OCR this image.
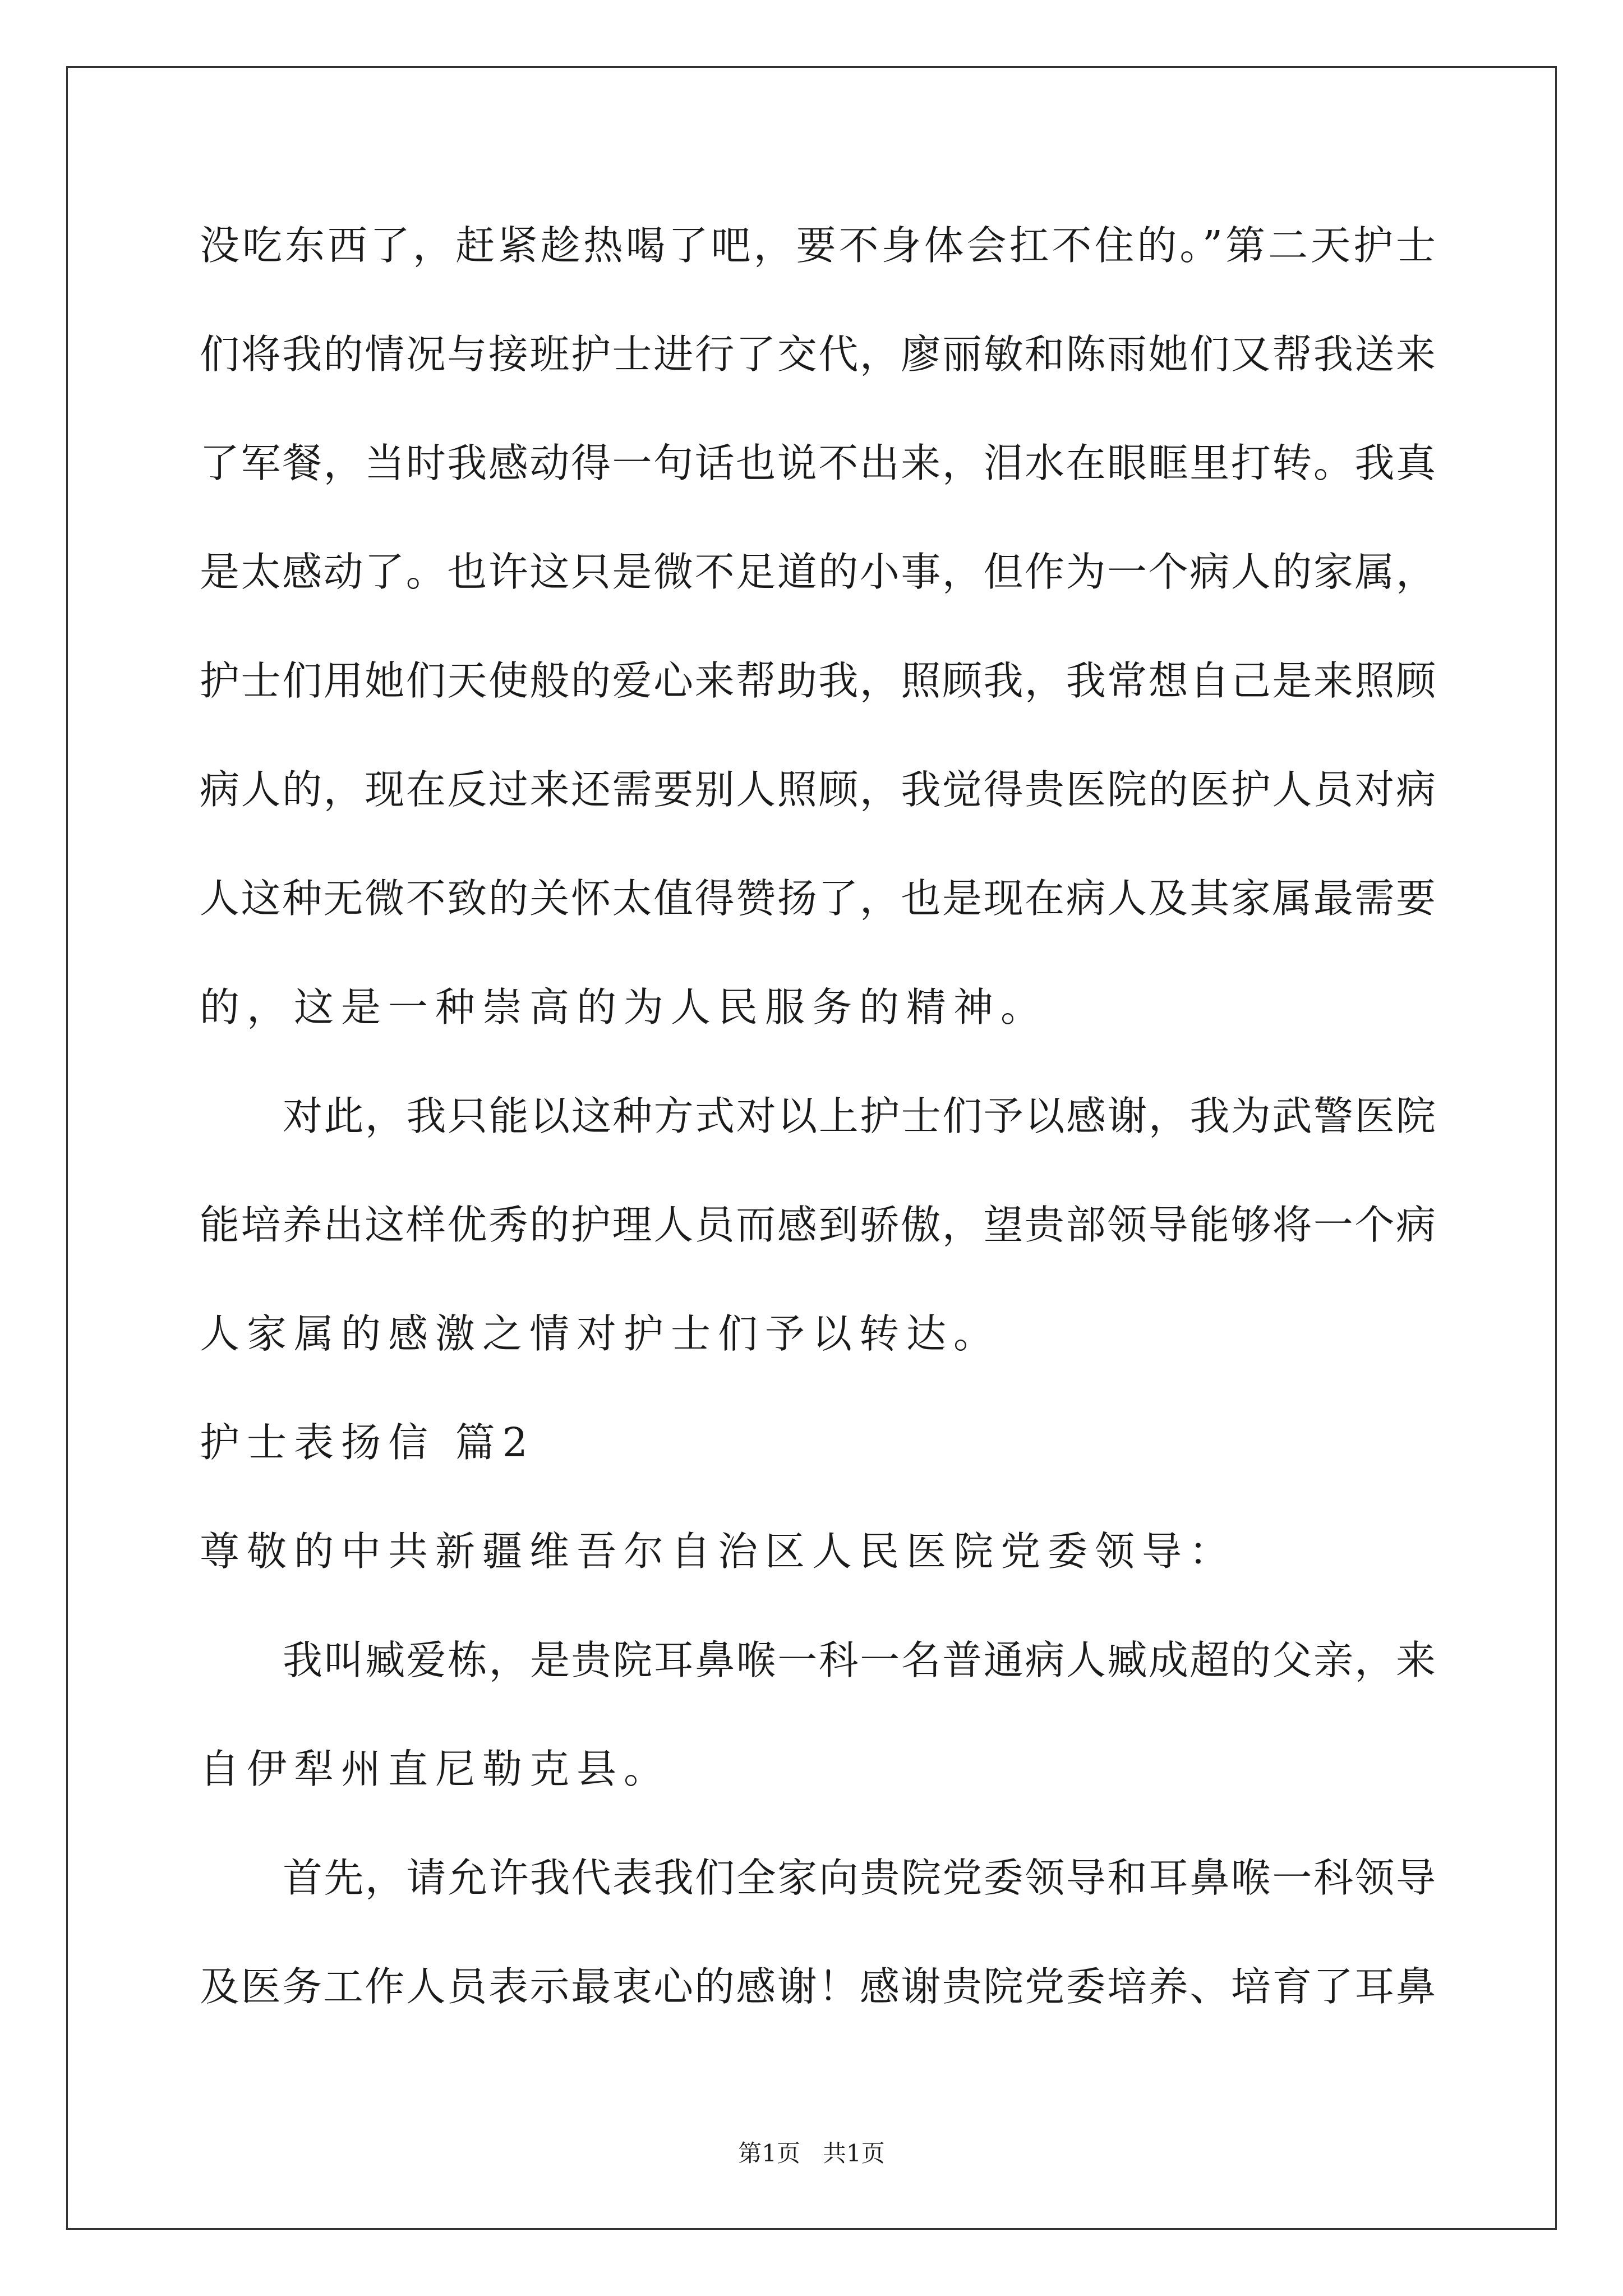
没吃东西了，赶紧趁热喝了吧，要不身体会扛不住的。”第二天护士
们将我的情况与接班护士进行了交代，廖丽敏和陈雨她们又帮我送来
了军餐，当时我感动得一句话也说不出来，泪水在眼眶里打转。我真
是太感动了。也许这只是微不足道的小事，但作为一个病人的家属，
护士们用她们天使般的爱心来帮助我，照顾我，我常想自己是来照顾
病人的，现在反过来还需要别人照顾，我觉得贵医院的医护人员对病
人这种无微不致的关怀太值得赞扬了，也是现在病人及其家属最需要
的，这是一种崇高的为人民服务的精神。
对此，我只能以这种方式对以上护士们予以感谢，我为武警医院
能培养出这样优秀的护理人员而感到骄傲，望贵部领导能够将一个病
人家属的感激之情对护士们予以转达。
护士表扬信 篇2
尊敬的中共新疆维吾尔自治区人民医院党委领导：
我叫臧爱栋，是贵院耳鼻喉一科一名普通病人臧成超的父亲，来
自伊犁州直尼勒克县。
首先，请允许我代表我们全家向贵院党委领导和耳鼻喉一科领导
及医务工作人员表示最衷心的感谢！感谢贵院党委培养、培育了耳鼻
第1页   共1页
